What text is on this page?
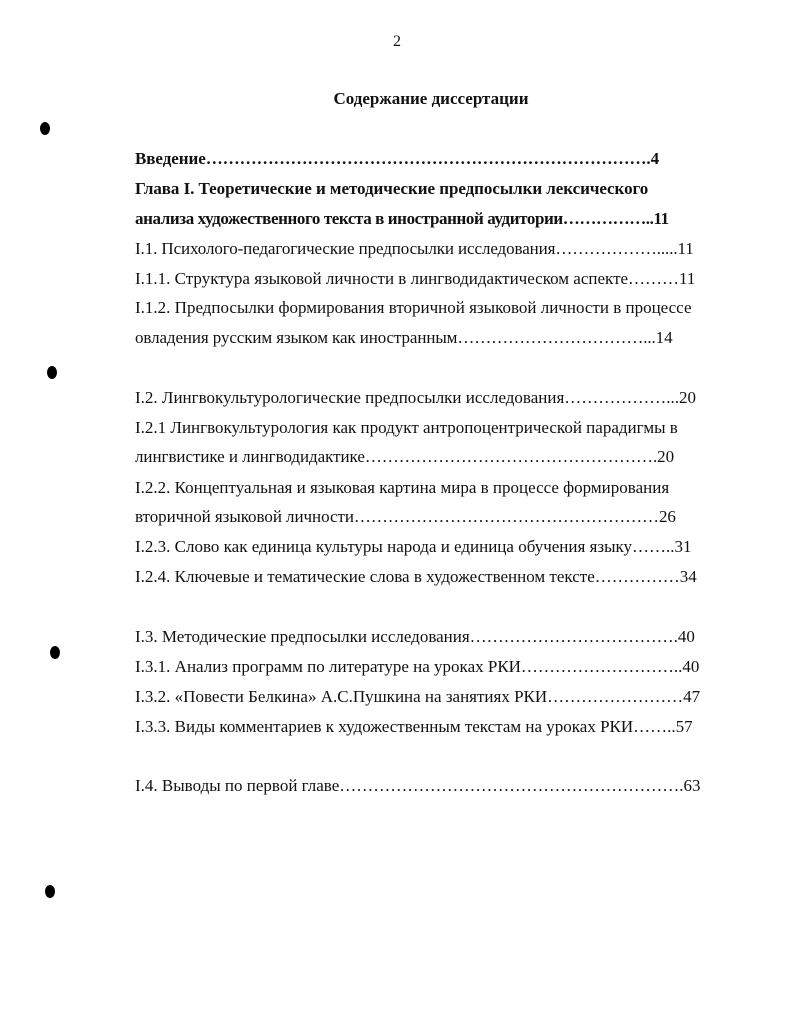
2
Содержание диссертации
Введение…………………………………………………………………….4
Глава I. Теоретические и методические предпосылки лексического
анализа художественного текста в иностранной аудитории……………..11
I.1. Психолого-педагогические предпосылки исследования……………….....11
I.1.1. Структура языковой личности в лингводидактическом аспекте………11
I.1.2. Предпосылки формирования вторичной языковой личности в процессе
овладения русским языком как иностранным……………………………...14
I.2. Лингвокультурологические предпосылки исследования………………...20
I.2.1 Лингвокультурология как продукт антропоцентрической парадигмы в
лингвистике и лингводидактике…………………………………………….20
I.2.2. Концептуальная и языковая картина мира в процессе формирования
вторичной языковой личности………………………………………………26
I.2.3. Слово как единица культуры народа и единица обучения языку……..31
I.2.4. Ключевые и тематические слова в художественном тексте……………34
I.3. Методические предпосылки исследования……………………………….40
I.3.1. Анализ программ по литературе на уроках РКИ………………………..40
I.3.2. «Повести Белкина» А.С.Пушкина на занятиях РКИ……………………47
I.3.3. Виды комментариев к художественным текстам на уроках РКИ……..57
I.4. Выводы по первой главе…………………………………………………….63
